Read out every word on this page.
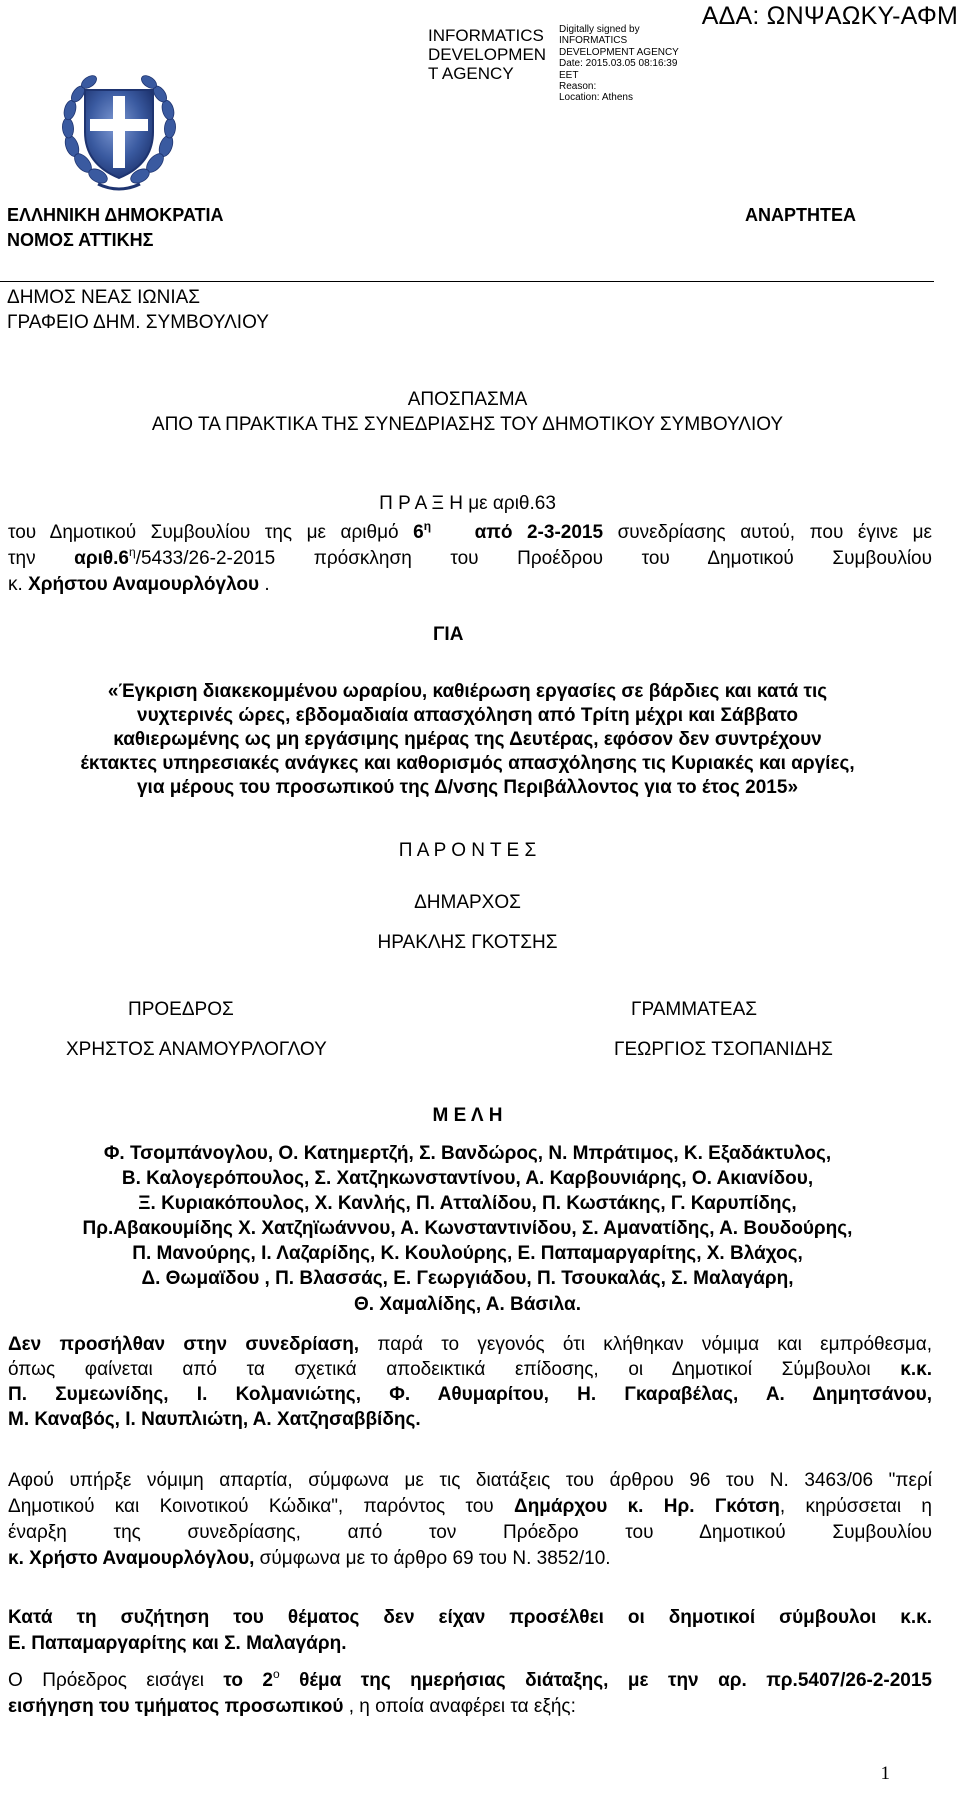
ΑΔΑ: ΩΝΨΑΩΚΥ-ΑΦΜ
INFORMATICS
DEVELOPMEN
T AGENCY
Digitally signed by
INFORMATICS
DEVELOPMENT AGENCY
Date: 2015.03.05 08:16:39
EET
Reason:
Location: Athens
ΕΛΛΗΝΙΚΗ ΔΗΜΟΚΡΑΤΙΑ
ΝΟΜΟΣ ΑΤΤΙΚΗΣ
ΑΝΑΡΤΗΤΕΑ
ΔΗΜΟΣ ΝΕΑΣ ΙΩΝΙΑΣ
ΓΡΑΦΕΙΟ ΔΗΜ. ΣΥΜΒΟΥΛΙΟΥ
ΑΠΟΣΠΑΣΜΑ
ΑΠΟ ΤΑ ΠΡΑΚΤΙΚΑ ΤΗΣ ΣΥΝΕΔΡΙΑΣΗΣ ΤΟΥ ΔΗΜΟΤΙΚΟΥ ΣΥΜΒΟΥΛΙΟΥ
Π Ρ Α Ξ Η με αριθ.63
του Δημοτικού Συμβουλίου της με αριθμό $6^\eta$ από 2-3-2015 συνεδρίασης αυτού, που έγινε με
την $\alpha\rho\iota\theta.6^\eta/5433/26-2-2015$ πρόσκληση του Προέδρου του Δημοτικού Συμβουλίου
κ. Χρήστου Αναμουρλόγλου .
ΓΙΑ
«Έγκριση διακεκομμένου ωραρίου, καθιέρωση εργασίες σε βάρδιες και κατά τις
νυχτερινές ώρες, εβδομαδιαία απασχόληση από Τρίτη μέχρι και Σάββατο
καθιερωμένης ως μη εργάσιμης ημέρας της Δευτέρας, εφόσον δεν συντρέχουν
έκτακτες υπηρεσιακές ανάγκες και καθορισμός απασχόλησης τις Κυριακές και αργίες,
για μέρους του προσωπικού της Δ/νσης Περιβάλλοντος για το έτος 2015»
Π Α Ρ Ο Ν Τ Ε Σ
ΔΗΜΑΡΧΟΣ
ΗΡΑΚΛΗΣ ΓΚΟΤΣΗΣ
ΠΡΟΕΔΡΟΣ	ΓΡΑΜΜΑΤΕΑΣ
ΧΡΗΣΤΟΣ ΑΝΑΜΟΥΡΛΟΓΛΟΥ	ΓΕΩΡΓΙΟΣ ΤΣΟΠΑΝΙΔΗΣ
Μ Ε Λ Η
Φ. Τσομπάνογλου, Ο. Κατημερτζή, Σ. Βανδώρος, Ν. Μπράτιμος, Κ. Εξαδάκτυλος,
Β. Καλογερόπουλος, Σ. Χατζηκωνσταντίνου, Α. Καρβουνιάρης, Ο. Ακιανίδου,
Ξ. Κυριακόπουλος, Χ. Κανλής, Π. Ατταλίδου, Π. Κωστάκης, Γ. Καρυπίδης,
Πρ.Αβακουμίδης Χ. Χατζηϊωάννου, Α. Κωνσταντινίδου, Σ. Αμανατίδης, Α. Βουδούρης,
Π. Μανούρης, Ι. Λαζαρίδης, Κ. Κουλούρης, Ε. Παπαμαργαρίτης, Χ. Βλάχος,
Δ. Θωμαϊδου , Π. Βλασσάς, Ε. Γεωργιάδου, Π. Τσουκαλάς, Σ. Μαλαγάρη,
Θ. Χαμαλίδης, Α. Βάσιλα.
Δεν προσήλθαν στην συνεδρίαση, παρά το γεγονός ότι κλήθηκαν νόμιμα και εμπρόθεσμα,
όπως φαίνεται από τα σχετικά αποδεικτικά επίδοσης, οι Δημοτικοί Σύμβουλοι κ.κ.
Π. Συμεωνίδης, Ι. Κολμανιώτης, Φ. Αθυμαρίτου, Η. Γκαραβέλας, Α. Δημητσάνου,
Μ. Καναβός, Ι. Ναυπλιώτη, Α. Χατζησαββίδης.
Αφού υπήρξε νόμιμη απαρτία, σύμφωνα με τις διατάξεις του άρθρου 96 του Ν. 3463/06 "περί
Δημοτικού και Κοινοτικού Κώδικα", παρόντος του Δημάρχου κ. Ηρ. Γκότση, κηρύσσεται η
έναρξη της συνεδρίασης, από τον Πρόεδρο του Δημοτικού Συμβουλίου
κ. Χρήστο Αναμουρλόγλου, σύμφωνα με το άρθρο 69 του Ν. 3852/10.
Κατά τη συζήτηση του θέματος δεν είχαν προσέλθει οι δημοτικοί σύμβουλοι κ.κ.
Ε. Παπαμαργαρίτης και Σ. Μαλαγάρη.
Ο Πρόεδρος εισάγει το $2^o$ θέμα της ημερήσιας διάταξης, με την αρ. πρ.5407/26-2-2015
εισήγηση του τμήματος προσωπικού , η οποία αναφέρει τα εξής:
1
